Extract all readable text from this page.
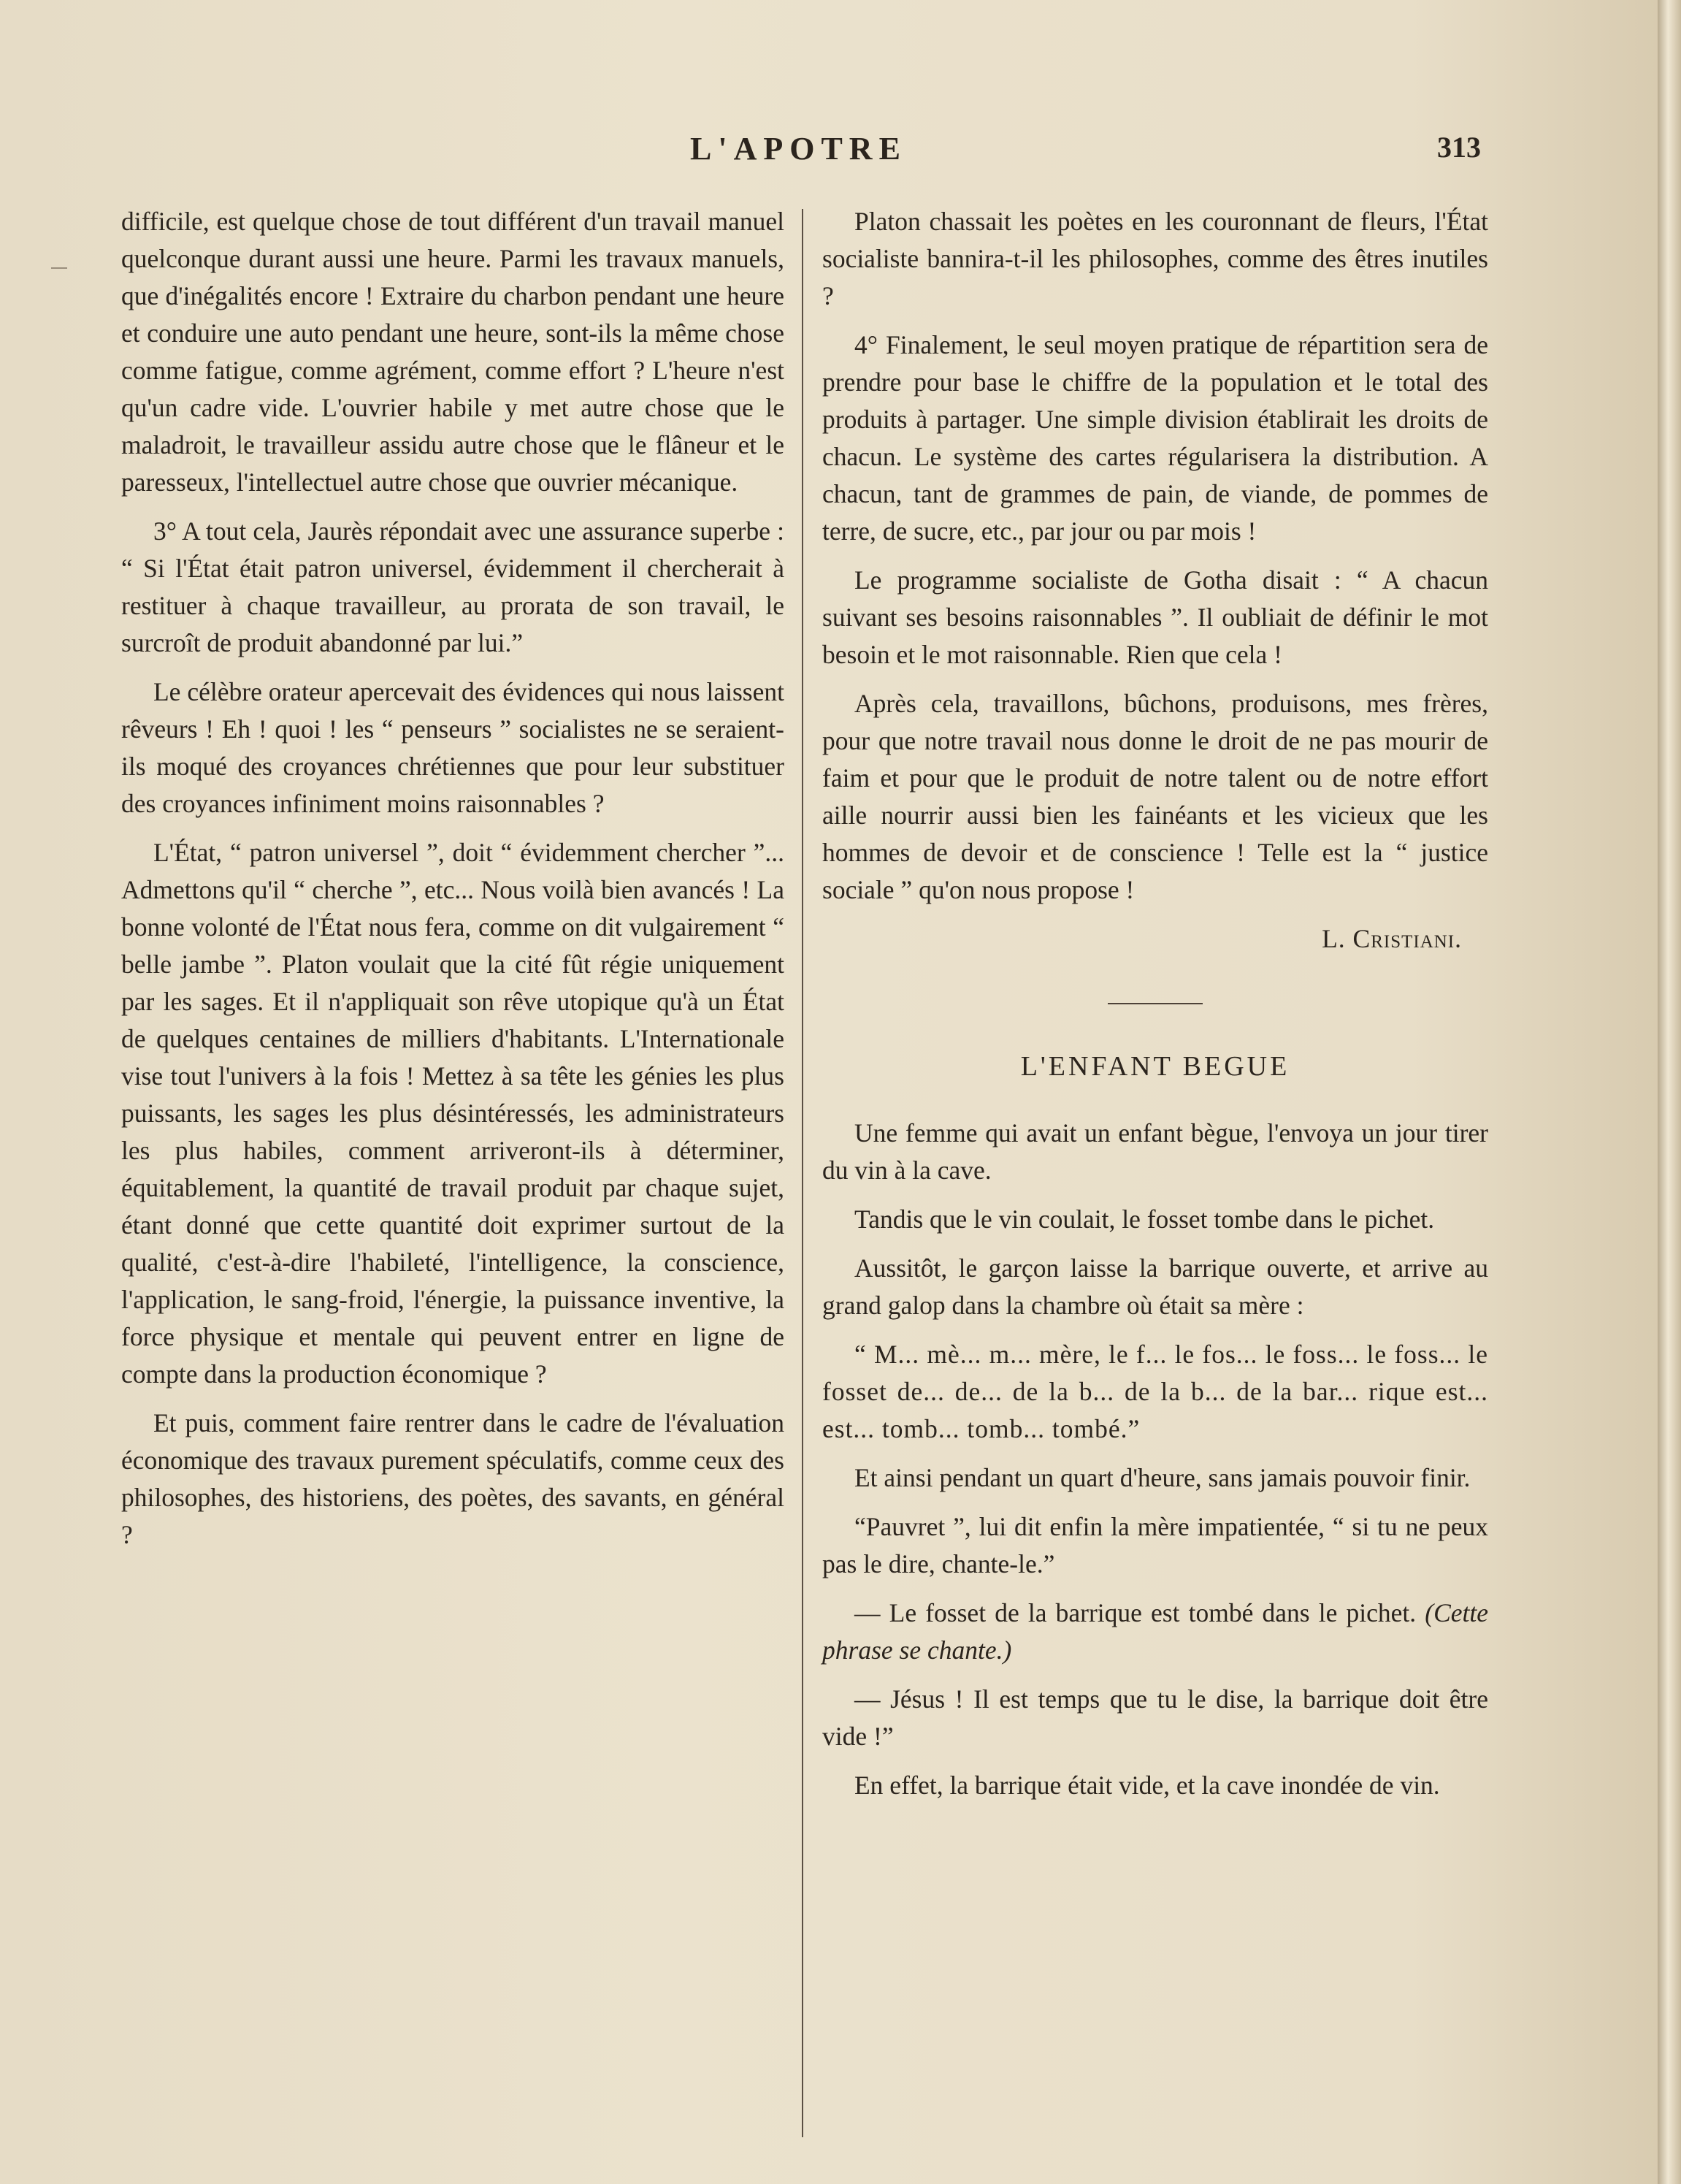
L'APOTRE	313

difficile, est quelque chose de tout différent d'un travail manuel quelconque durant aussi une heure. Parmi les travaux manuels, que d'inégalités encore ! Extraire du charbon pendant une heure et conduire une auto pendant une heure, sont-ils la même chose comme fatigue, comme agrément, comme effort ? L'heure n'est qu'un cadre vide. L'ouvrier habile y met autre chose que le maladroit, le travailleur assidu autre chose que le flâneur et le paresseux, l'intellectuel autre chose que ouvrier mécanique.

3° A tout cela, Jaurès répondait avec une assurance superbe : “ Si l'État était patron universel, évidemment il chercherait à restituer à chaque travailleur, au prorata de son travail, le surcroît de produit abandonné par lui.”

Le célèbre orateur apercevait des évidences qui nous laissent rêveurs ! Eh ! quoi ! les “ penseurs ” socialistes ne se seraient-ils moqué des croyances chrétiennes que pour leur substituer des croyances infiniment moins raisonnables ?

L'État, “ patron universel ”, doit “ évidemment chercher ”... Admettons qu'il “ cherche ”, etc... Nous voilà bien avancés ! La bonne volonté de l'État nous fera, comme on dit vulgairement “ belle jambe ”. Platon voulait que la cité fût régie uniquement par les sages. Et il n'appliquait son rêve utopique qu'à un État de quelques centaines de milliers d'habitants. L'Internationale vise tout l'univers à la fois ! Mettez à sa tête les génies les plus puissants, les sages les plus désintéressés, les administrateurs les plus habiles, comment arriveront-ils à déterminer, équitablement, la quantité de travail produit par chaque sujet, étant donné que cette quantité doit exprimer surtout de la qualité, c'est-à-dire l'habileté, l'intelligence, la conscience, l'application, le sang-froid, l'énergie, la puissance inventive, la force physique et mentale qui peuvent entrer en ligne de compte dans la production économique ?

Et puis, comment faire rentrer dans le cadre de l'évaluation économique des travaux purement spéculatifs, comme ceux des philosophes, des historiens, des poètes, des savants, en général ?

Platon chassait les poètes en les couronnant de fleurs, l'État socialiste bannira-t-il les philosophes, comme des êtres inutiles ?

4° Finalement, le seul moyen pratique de répartition sera de prendre pour base le chiffre de la population et le total des produits à partager. Une simple division établirait les droits de chacun. Le système des cartes régularisera la distribution. A chacun, tant de grammes de pain, de viande, de pommes de terre, de sucre, etc., par jour ou par mois !

Le programme socialiste de Gotha disait : “ A chacun suivant ses besoins raisonnables ”. Il oubliait de définir le mot besoin et le mot raisonnable. Rien que cela !

Après cela, travaillons, bûchons, produisons, mes frères, pour que notre travail nous donne le droit de ne pas mourir de faim et pour que le produit de notre talent ou de notre effort aille nourrir aussi bien les fainéants et les vicieux que les hommes de devoir et de conscience ! Telle est la “ justice sociale ” qu'on nous propose !

L. Cristiani.
L'ENFANT BEGUE

Une femme qui avait un enfant bègue, l'envoya un jour tirer du vin à la cave.

Tandis que le vin coulait, le fosset tombe dans le pichet.

Aussitôt, le garçon laisse la barrique ouverte, et arrive au grand galop dans la chambre où était sa mère :

“ M... mè... m... mère, le f... le fos... le foss... le foss... le fosset de... de... de la b... de la b... de la bar... rique est... est... tomb... tomb... tombé.”

Et ainsi pendant un quart d'heure, sans jamais pouvoir finir.

“Pauvret ”, lui dit enfin la mère impatientée, “ si tu ne peux pas le dire, chante-le.”

— Le fosset de la barrique est tombé dans le pichet. (Cette phrase se chante.)

— Jésus ! Il est temps que tu le dise, la barrique doit être vide !”

En effet, la barrique était vide, et la cave inondée de vin.
